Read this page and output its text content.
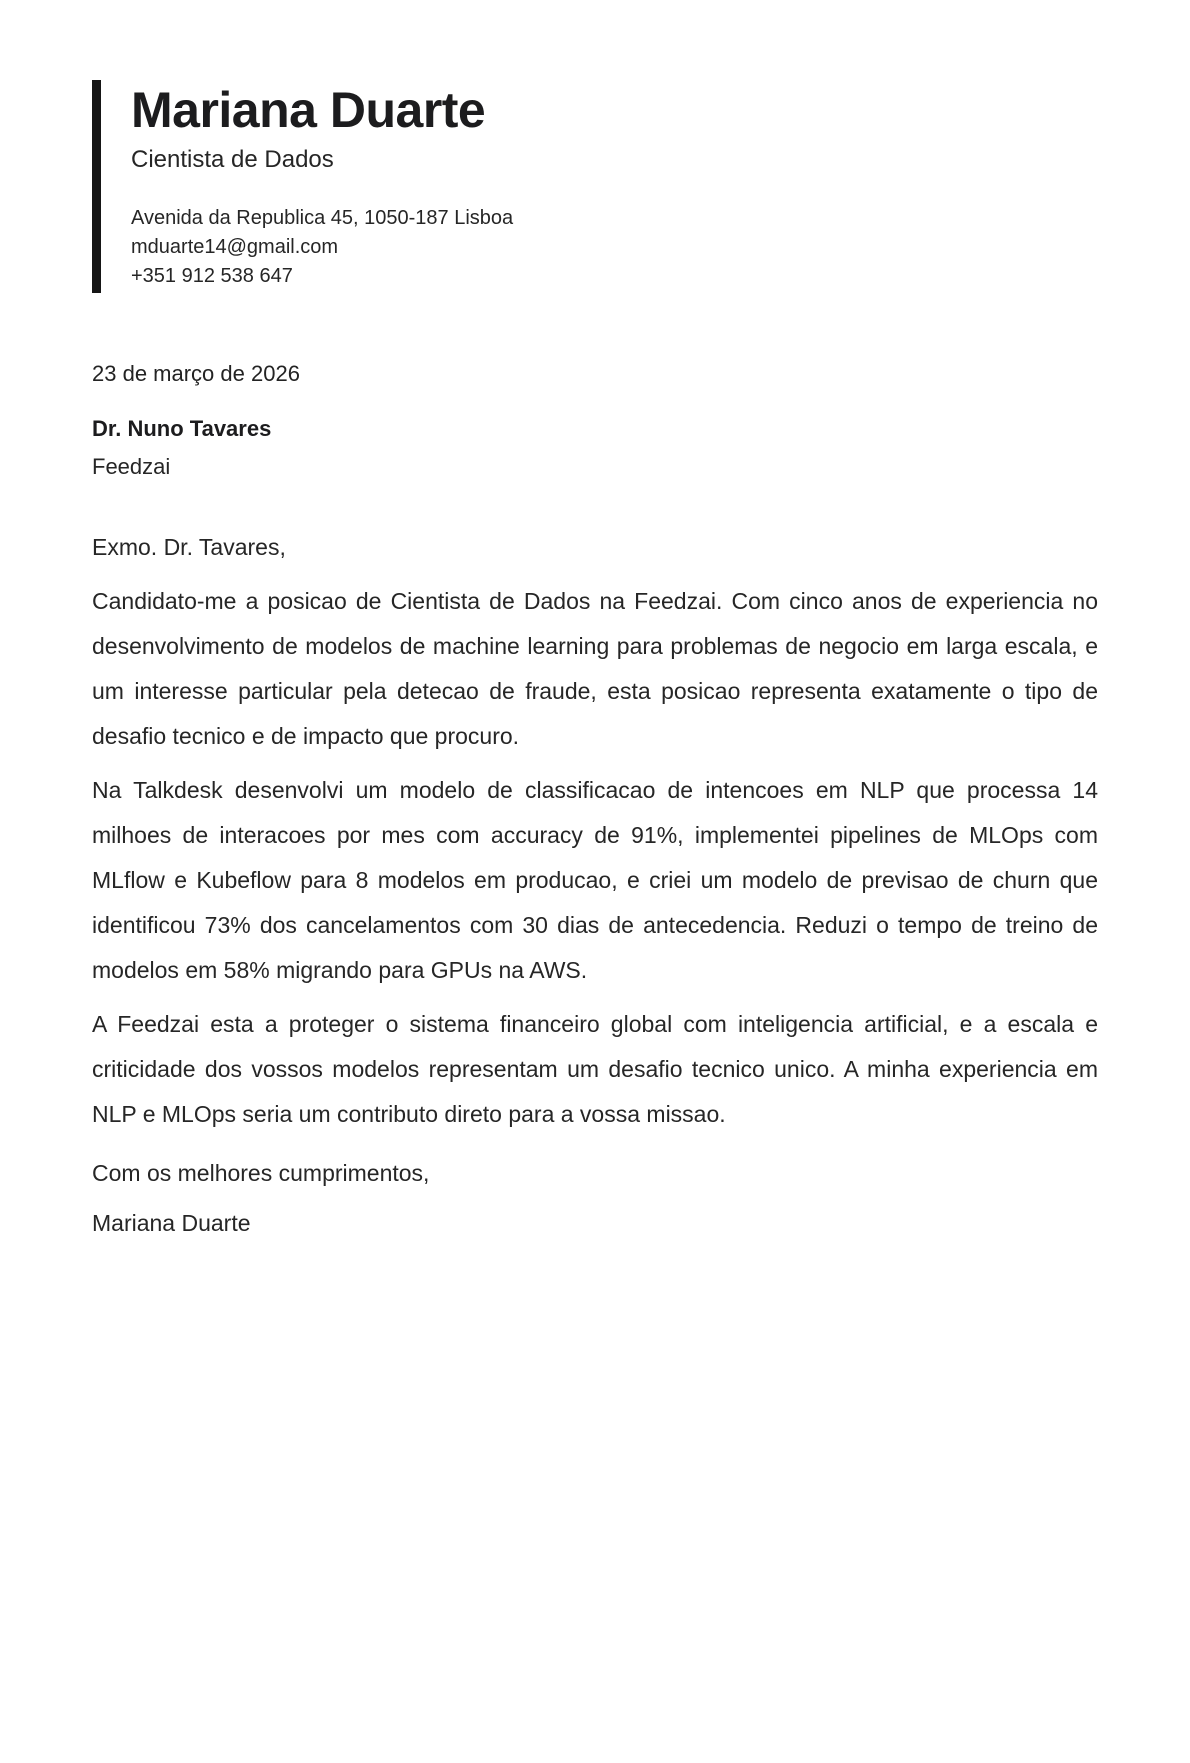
Mariana Duarte

Cientista de Dados

Avenida da Republica 45, 1050-187 Lisboa

mduarte14@gmail.com

+351 912 538 647

23 de março de 2026

Dr. Nuno Tavares

Feedzai

Exmo. Dr. Tavares,

Candidato-me a posicao de Cientista de Dados na Feedzai. Com cinco anos de experiencia no desenvolvimento de modelos de machine learning para problemas de negocio em larga escala, e um interesse particular pela detecao de fraude, esta posicao representa exatamente o tipo de desafio tecnico e de impacto que procuro.

Na Talkdesk desenvolvi um modelo de classificacao de intencoes em NLP que processa 14 milhoes de interacoes por mes com accuracy de 91%, implementei pipelines de MLOps com MLflow e Kubeflow para 8 modelos em producao, e criei um modelo de previsao de churn que identificou 73% dos cancelamentos com 30 dias de antecedencia. Reduzi o tempo de treino de modelos em 58% migrando para GPUs na AWS.

A Feedzai esta a proteger o sistema financeiro global com inteligencia artificial, e a escala e criticidade dos vossos modelos representam um desafio tecnico unico. A minha experiencia em NLP e MLOps seria um contributo direto para a vossa missao.

Com os melhores cumprimentos,

Mariana Duarte
